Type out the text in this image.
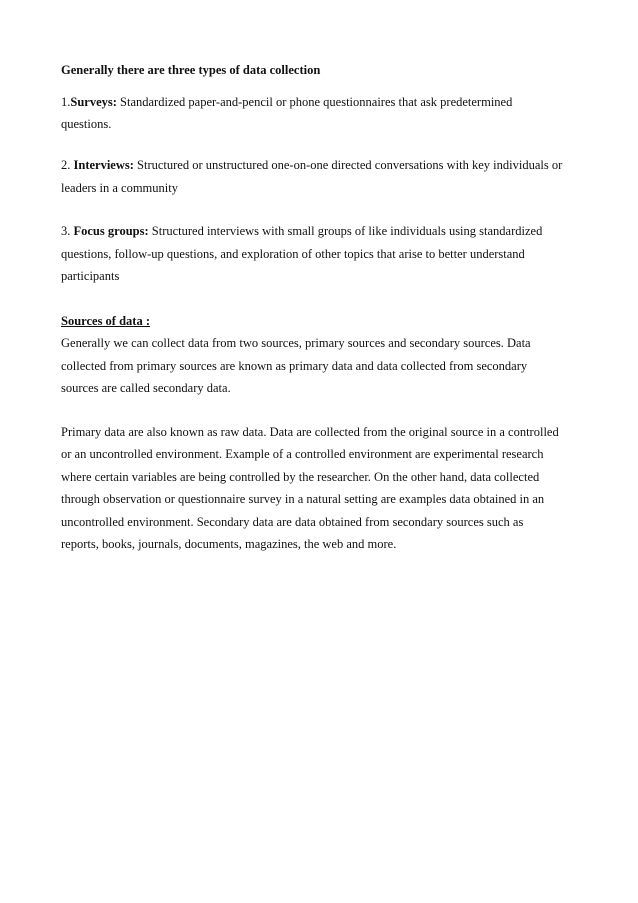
Generally there are three types of data collection
1.Surveys: Standardized paper-and-pencil or phone questionnaires that ask predetermined
questions.
2. Interviews: Structured or unstructured one-on-one directed conversations with key individuals or
leaders in a community
3. Focus groups: Structured interviews with small groups of like individuals using standardized
questions, follow-up questions, and exploration of other topics that arise to better understand
participants
Sources of data :
Generally we can collect data from two sources, primary sources and secondary sources. Data
collected from primary sources are known as primary data and data collected from secondary
sources are called secondary data.
Primary data are also known as raw data. Data are collected from the original source in a controlled
or an uncontrolled environment. Example of a controlled environment are experimental research
where certain variables are being controlled by the researcher. On the other hand, data collected
through observation or questionnaire survey in a natural setting are examples data obtained in an
uncontrolled environment. Secondary data are data obtained from secondary sources such as
reports, books, journals, documents, magazines, the web and more.
